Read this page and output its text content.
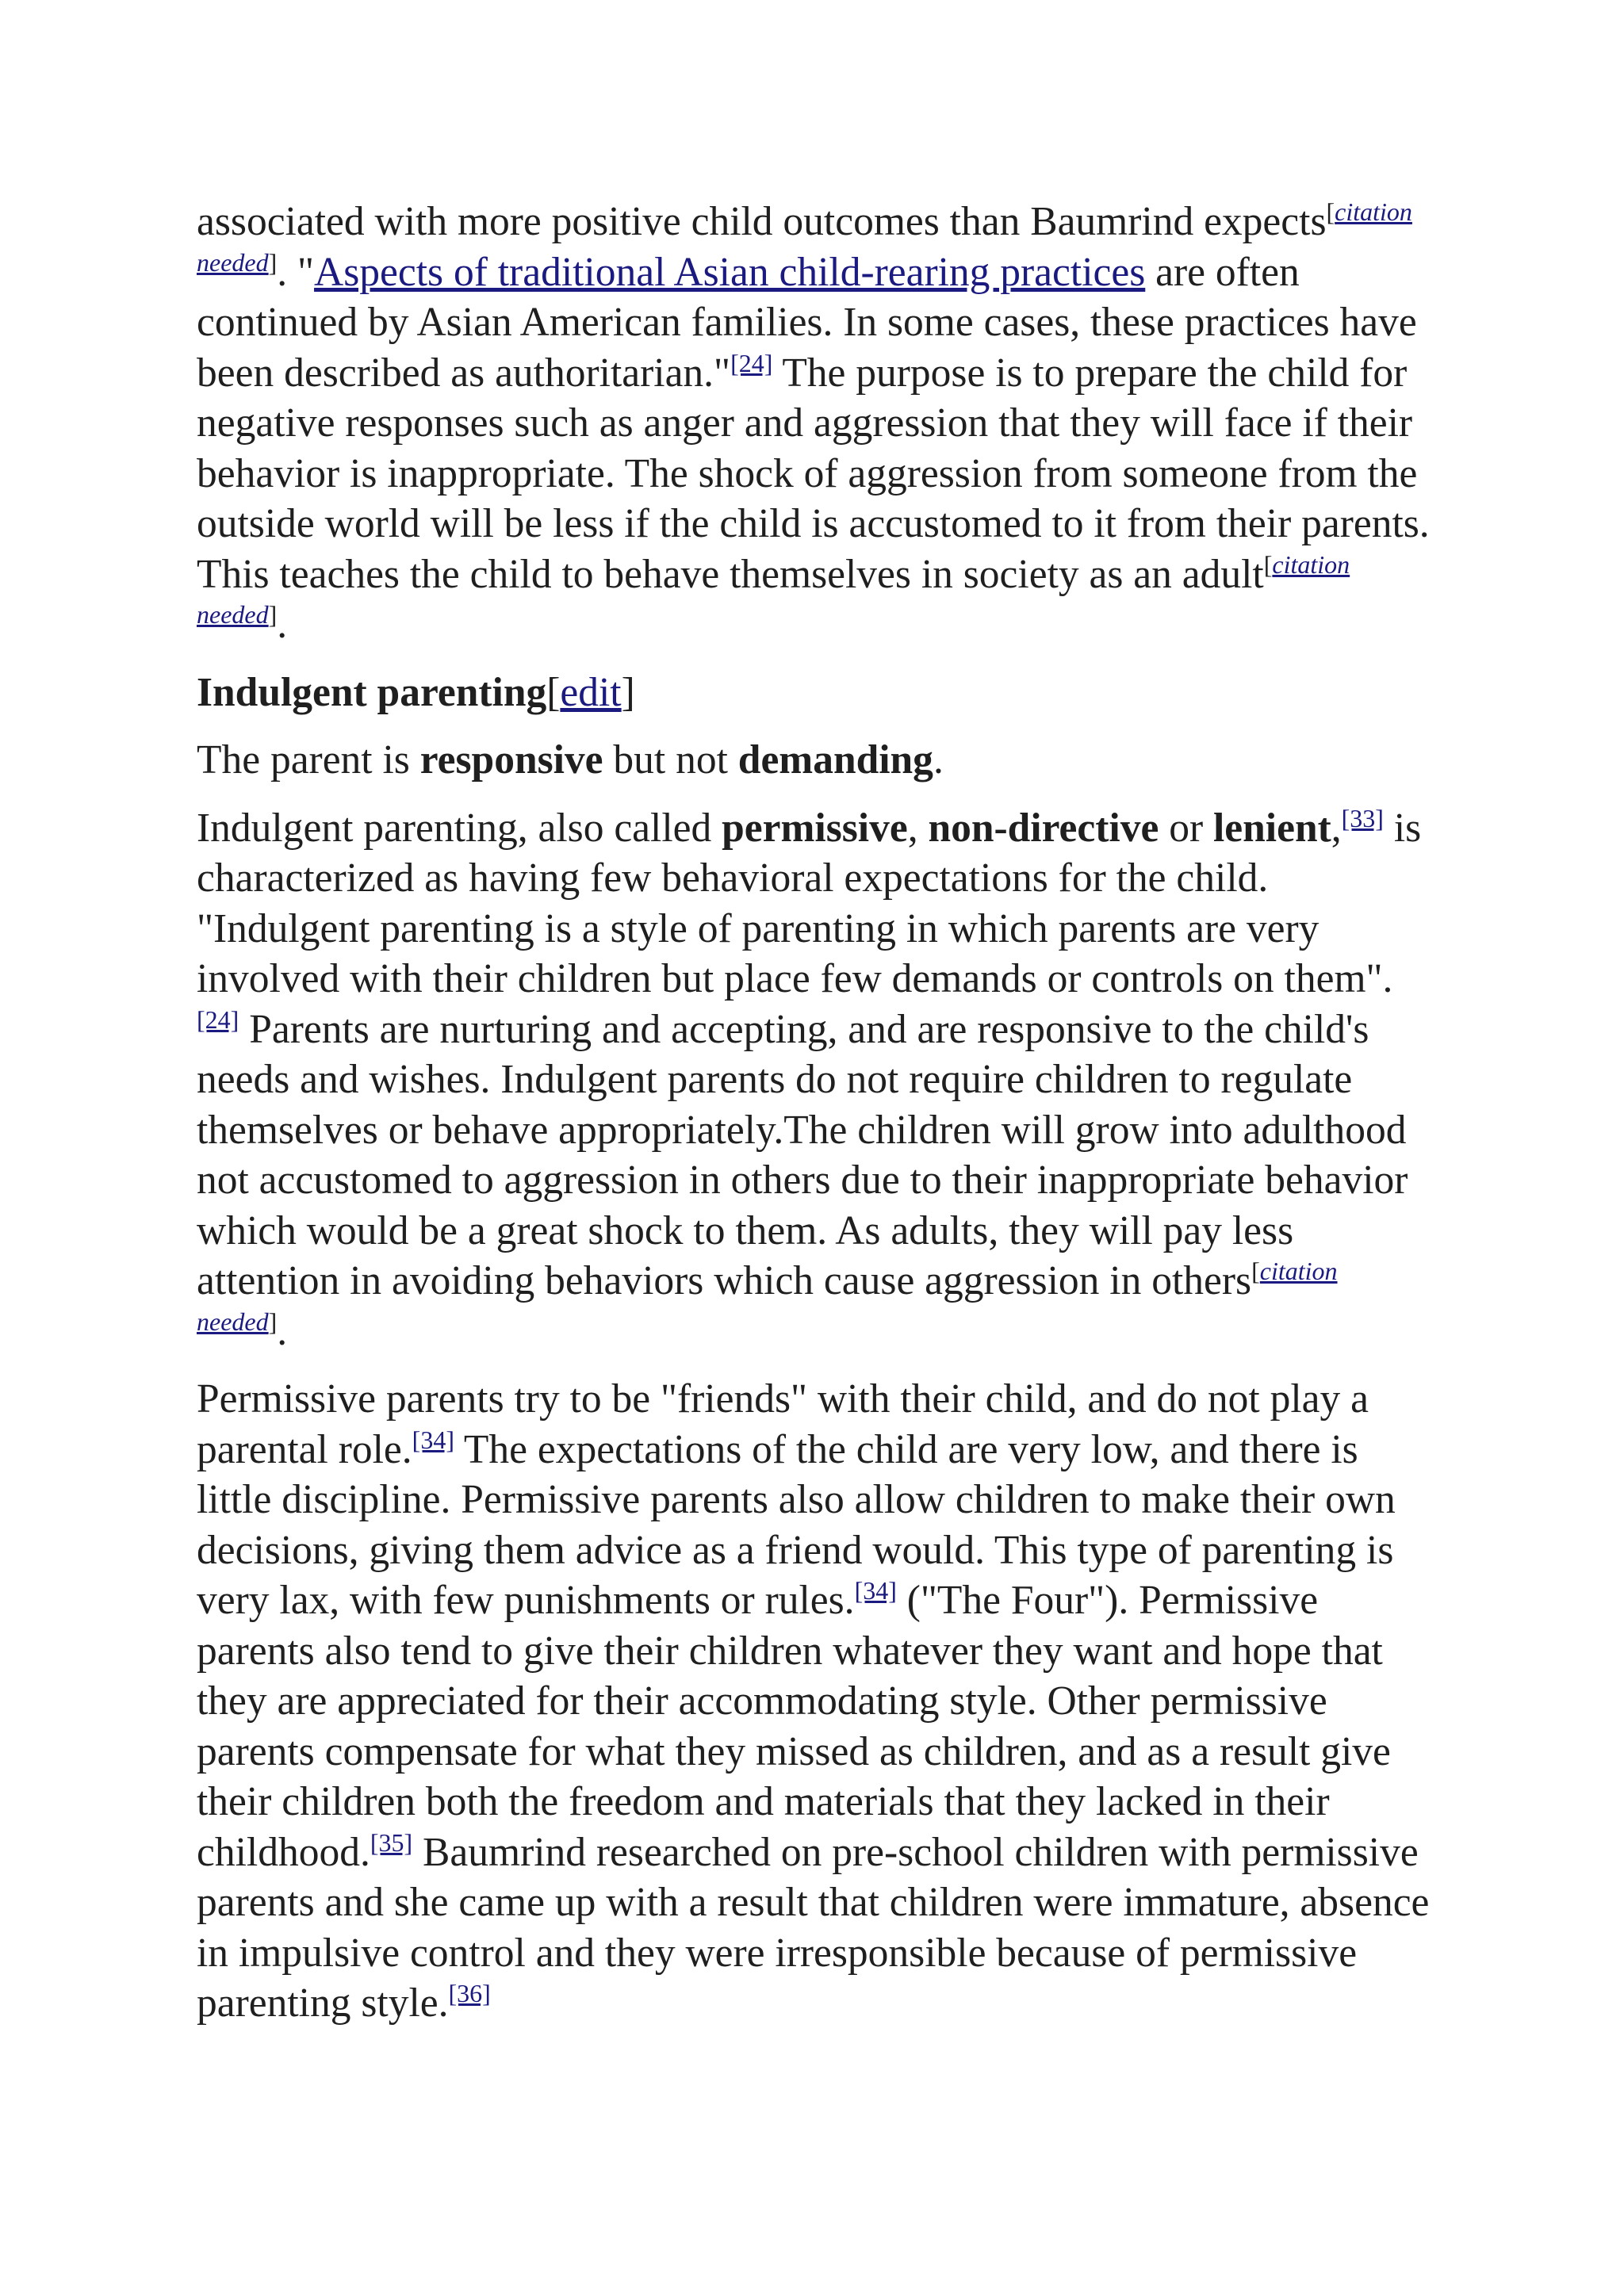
associated with more positive child outcomes than Baumrind expects[citation needed]. "Aspects of traditional Asian child-rearing practices are often continued by Asian American families. In some cases, these practices have been described as authoritarian."[24] The purpose is to prepare the child for negative responses such as anger and aggression that they will face if their behavior is inappropriate. The shock of aggression from someone from the outside world will be less if the child is accustomed to it from their parents. This teaches the child to behave themselves in society as an adult[citation needed].

Indulgent parenting[edit]

The parent is responsive but not demanding.

Indulgent parenting, also called permissive, non-directive or lenient,[33] is characterized as having few behavioral expectations for the child. "Indulgent parenting is a style of parenting in which parents are very involved with their children but place few demands or controls on them".[24] Parents are nurturing and accepting, and are responsive to the child's needs and wishes. Indulgent parents do not require children to regulate themselves or behave appropriately.The children will grow into adulthood not accustomed to aggression in others due to their inappropriate behavior which would be a great shock to them. As adults, they will pay less attention in avoiding behaviors which cause aggression in others[citation needed].

Permissive parents try to be "friends" with their child, and do not play a parental role.[34] The expectations of the child are very low, and there is little discipline. Permissive parents also allow children to make their own decisions, giving them advice as a friend would. This type of parenting is very lax, with few punishments or rules.[34] ("The Four"). Permissive parents also tend to give their children whatever they want and hope that they are appreciated for their accommodating style. Other permissive parents compensate for what they missed as children, and as a result give their children both the freedom and materials that they lacked in their childhood.[35] Baumrind researched on pre-school children with permissive parents and she came up with a result that children were immature, absence in impulsive control and they were irresponsible because of permissive parenting style.[36]
